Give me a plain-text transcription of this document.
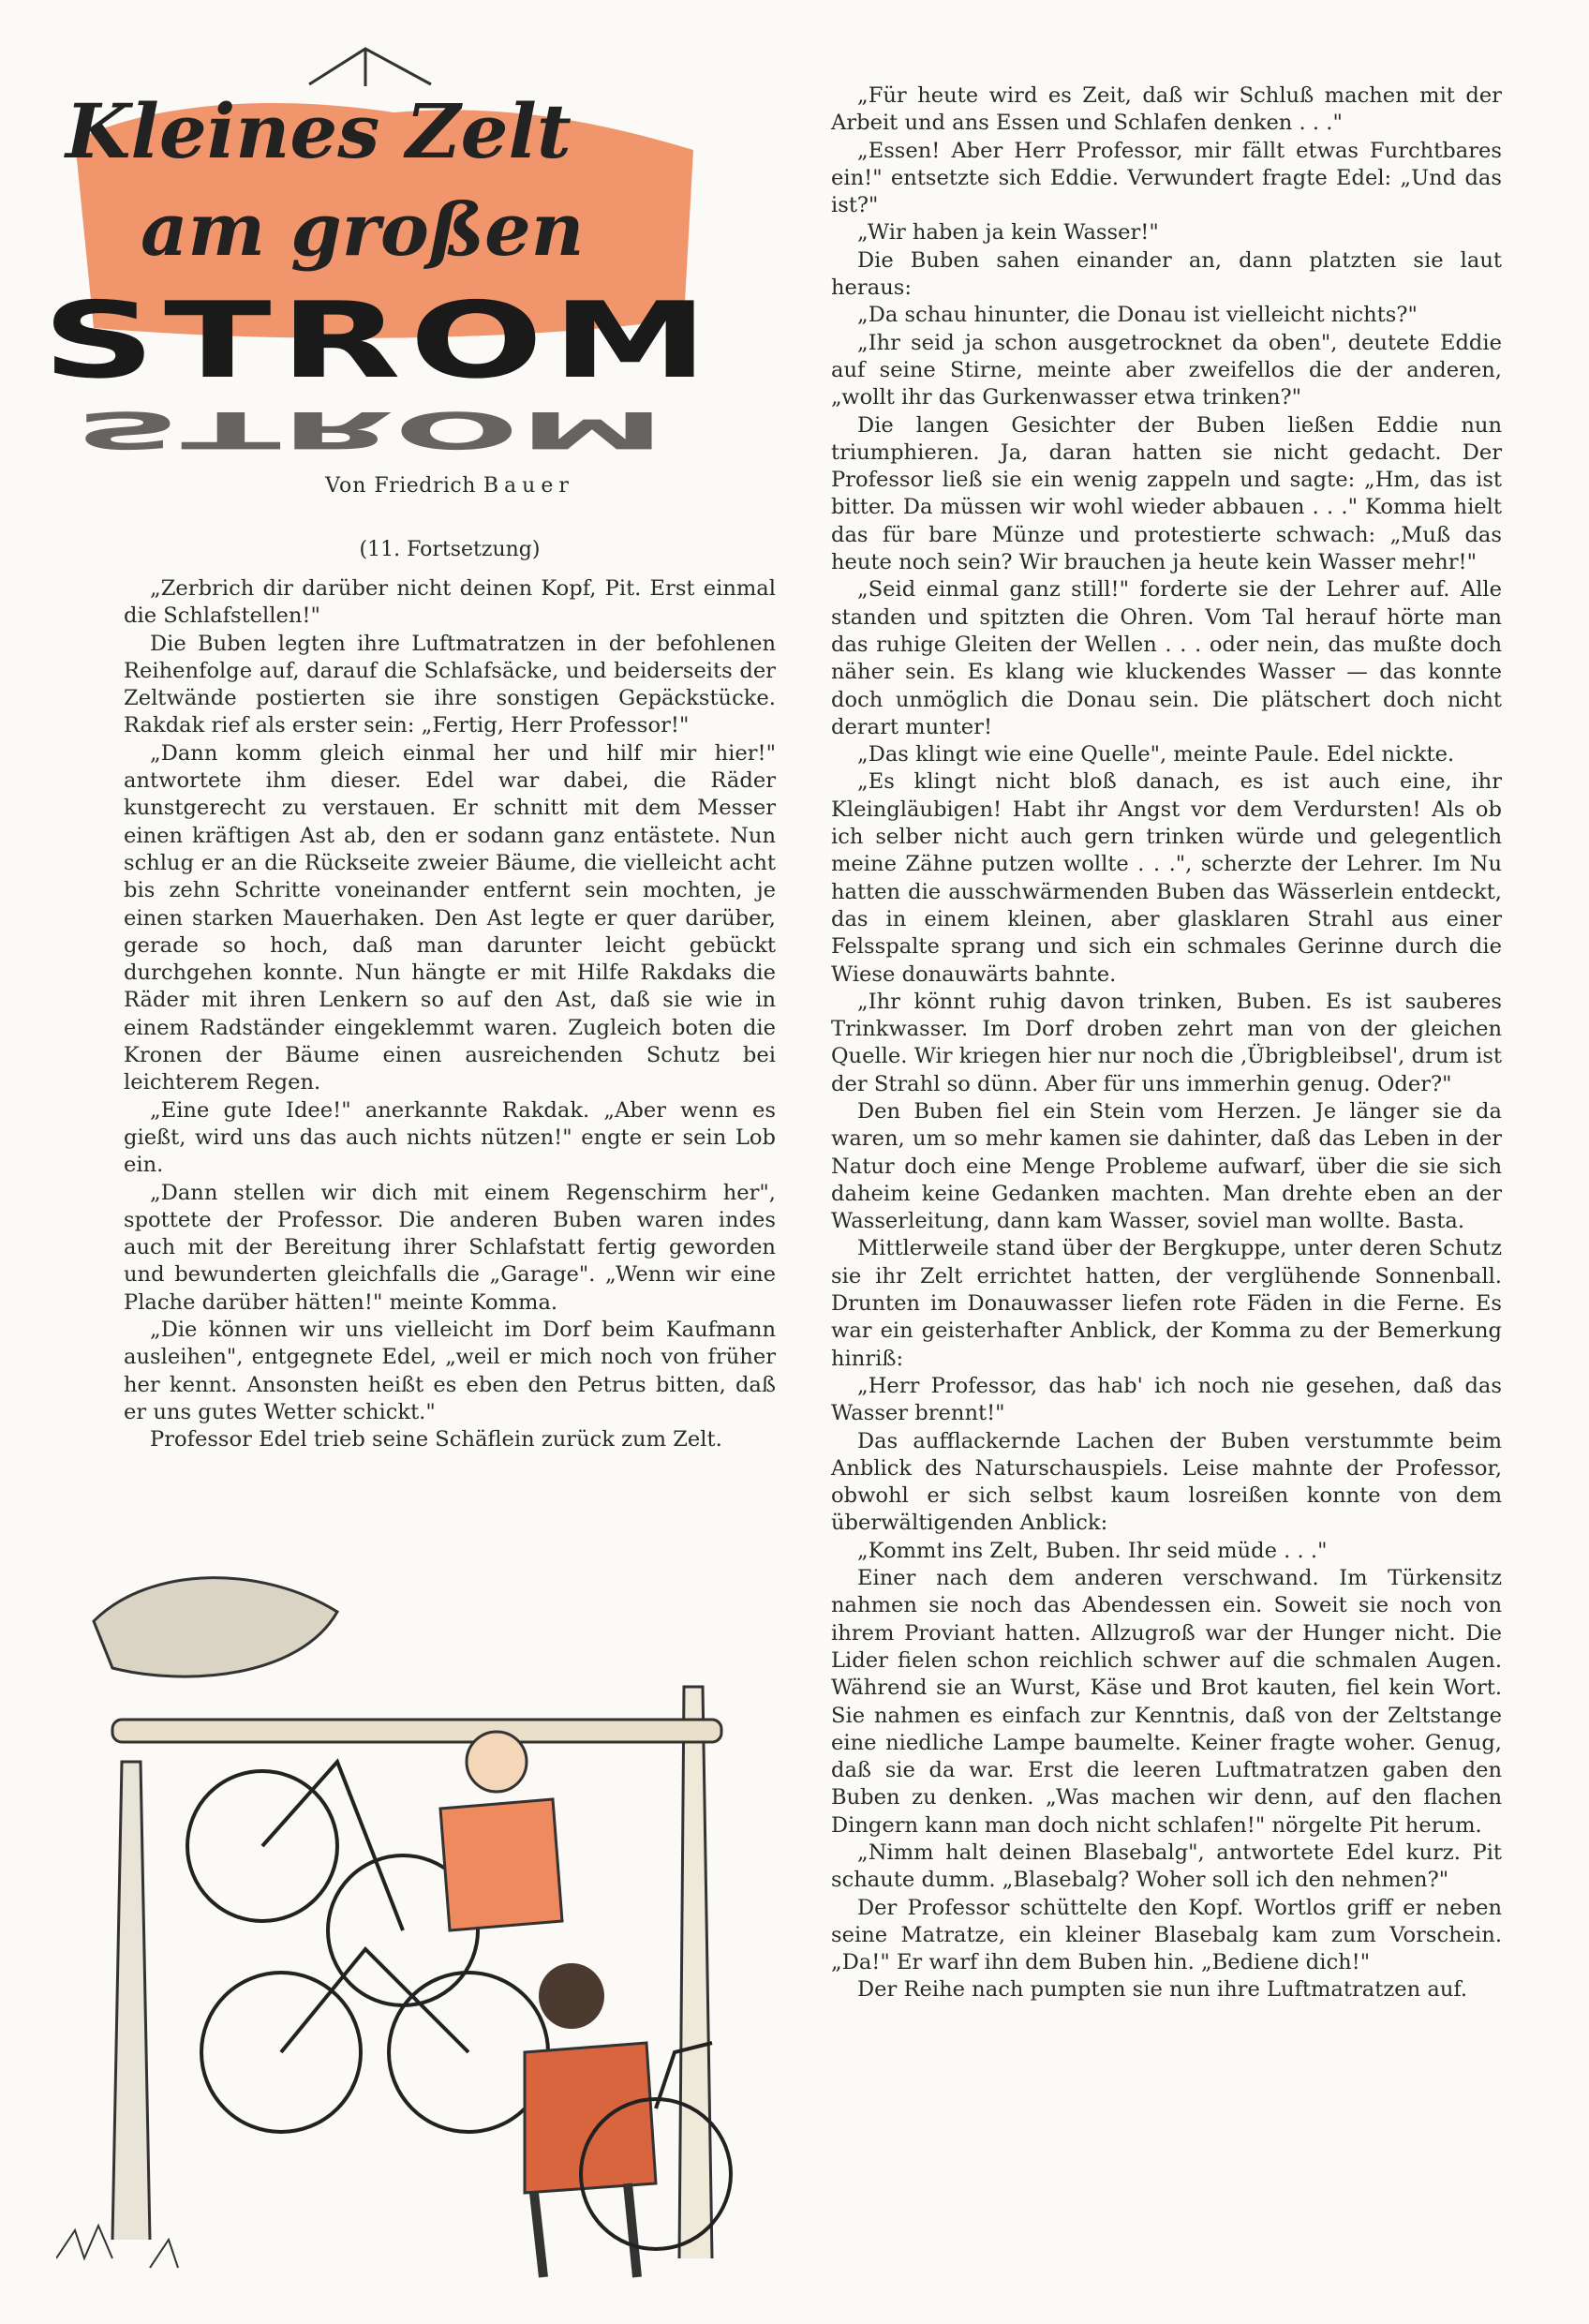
Kleines Zelt
am großen
STROM
STROM
Von Friedrich Bauer
(11. Fortsetzung)

„Zerbrich dir darüber nicht deinen Kopf, Pit. Erst einmal die Schlafstellen!"

Die Buben legten ihre Luftmatratzen in der befohlenen Reihenfolge auf, darauf die Schlafsäcke, und beiderseits der Zeltwände postierten sie ihre sonstigen Gepäckstücke. Rakdak rief als erster sein: „Fertig, Herr Professor!"

„Dann komm gleich einmal her und hilf mir hier!" antwortete ihm dieser. Edel war dabei, die Räder kunstgerecht zu verstauen. Er schnitt mit dem Messer einen kräftigen Ast ab, den er sodann ganz entästete. Nun schlug er an die Rückseite zweier Bäume, die vielleicht acht bis zehn Schritte voneinander entfernt sein mochten, je einen starken Mauerhaken. Den Ast legte er quer darüber, gerade so hoch, daß man darunter leicht gebückt durchgehen konnte. Nun hängte er mit Hilfe Rakdaks die Räder mit ihren Lenkern so auf den Ast, daß sie wie in einem Radständer eingeklemmt waren. Zugleich boten die Kronen der Bäume einen ausreichenden Schutz bei leichterem Regen.

„Eine gute Idee!" anerkannte Rakdak. „Aber wenn es gießt, wird uns das auch nichts nützen!" engte er sein Lob ein.

„Dann stellen wir dich mit einem Regenschirm her", spottete der Professor. Die anderen Buben waren indes auch mit der Bereitung ihrer Schlafstatt fertig geworden und bewunderten gleichfalls die „Garage". „Wenn wir eine Plache darüber hätten!" meinte Komma.

„Die können wir uns vielleicht im Dorf beim Kaufmann ausleihen", entgegnete Edel, „weil er mich noch von früher her kennt. Ansonsten heißt es eben den Petrus bitten, daß er uns gutes Wetter schickt."

Professor Edel trieb seine Schäflein zurück zum Zelt.

„Für heute wird es Zeit, daß wir Schluß machen mit der Arbeit und ans Essen und Schlafen denken . . ."

„Essen! Aber Herr Professor, mir fällt etwas Furchtbares ein!" entsetzte sich Eddie. Verwundert fragte Edel: „Und das ist?"

„Wir haben ja kein Wasser!"

Die Buben sahen einander an, dann platzten sie laut heraus:

„Da schau hinunter, die Donau ist vielleicht nichts?"

„Ihr seid ja schon ausgetrocknet da oben", deutete Eddie auf seine Stirne, meinte aber zweifellos die der anderen, „wollt ihr das Gurkenwasser etwa trinken?"

Die langen Gesichter der Buben ließen Eddie nun triumphieren. Ja, daran hatten sie nicht gedacht. Der Professor ließ sie ein wenig zappeln und sagte: „Hm, das ist bitter. Da müssen wir wohl wieder abbauen . . ." Komma hielt das für bare Münze und protestierte schwach: „Muß das heute noch sein? Wir brauchen ja heute kein Wasser mehr!"

„Seid einmal ganz still!" forderte sie der Lehrer auf. Alle standen und spitzten die Ohren. Vom Tal herauf hörte man das ruhige Gleiten der Wellen . . . oder nein, das mußte doch näher sein. Es klang wie kluckendes Wasser — das konnte doch unmöglich die Donau sein. Die plätschert doch nicht derart munter!

„Das klingt wie eine Quelle", meinte Paule. Edel nickte.

„Es klingt nicht bloß danach, es ist auch eine, ihr Kleingläubigen! Habt ihr Angst vor dem Verdursten! Als ob ich selber nicht auch gern trinken würde und gelegentlich meine Zähne putzen wollte . . .", scherzte der Lehrer. Im Nu hatten die ausschwärmenden Buben das Wässerlein entdeckt, das in einem kleinen, aber glasklaren Strahl aus einer Felsspalte sprang und sich ein schmales Gerinne durch die Wiese donauwärts bahnte.

„Ihr könnt ruhig davon trinken, Buben. Es ist sauberes Trinkwasser. Im Dorf droben zehrt man von der gleichen Quelle. Wir kriegen hier nur noch die ‚Übrigbleibsel', drum ist der Strahl so dünn. Aber für uns immerhin genug. Oder?"

Den Buben fiel ein Stein vom Herzen. Je länger sie da waren, um so mehr kamen sie dahinter, daß das Leben in der Natur doch eine Menge Probleme aufwarf, über die sie sich daheim keine Gedanken machten. Man drehte eben an der Wasserleitung, dann kam Wasser, soviel man wollte. Basta.

Mittlerweile stand über der Bergkuppe, unter deren Schutz sie ihr Zelt errichtet hatten, der verglühende Sonnenball. Drunten im Donauwasser liefen rote Fäden in die Ferne. Es war ein geisterhafter Anblick, der Komma zu der Bemerkung hinriß:

„Herr Professor, das hab' ich noch nie gesehen, daß das Wasser brennt!"

Das aufflackernde Lachen der Buben verstummte beim Anblick des Naturschauspiels. Leise mahnte der Professor, obwohl er sich selbst kaum losreißen konnte von dem überwältigenden Anblick:

„Kommt ins Zelt, Buben. Ihr seid müde . . ."

Einer nach dem anderen verschwand. Im Türkensitz nahmen sie noch das Abendessen ein. Soweit sie noch von ihrem Proviant hatten. Allzugroß war der Hunger nicht. Die Lider fielen schon reichlich schwer auf die schmalen Augen. Während sie an Wurst, Käse und Brot kauten, fiel kein Wort. Sie nahmen es einfach zur Kenntnis, daß von der Zeltstange eine niedliche Lampe baumelte. Keiner fragte woher. Genug, daß sie da war. Erst die leeren Luftmatratzen gaben den Buben zu denken. „Was machen wir denn, auf den flachen Dingern kann man doch nicht schlafen!" nörgelte Pit herum.

„Nimm halt deinen Blasebalg", antwortete Edel kurz. Pit schaute dumm. „Blasebalg? Woher soll ich den nehmen?"

Der Professor schüttelte den Kopf. Wortlos griff er neben seine Matratze, ein kleiner Blasebalg kam zum Vorschein. „Da!" Er warf ihn dem Buben hin. „Bediene dich!"

Der Reihe nach pumpten sie nun ihre Luftmatratzen auf.
